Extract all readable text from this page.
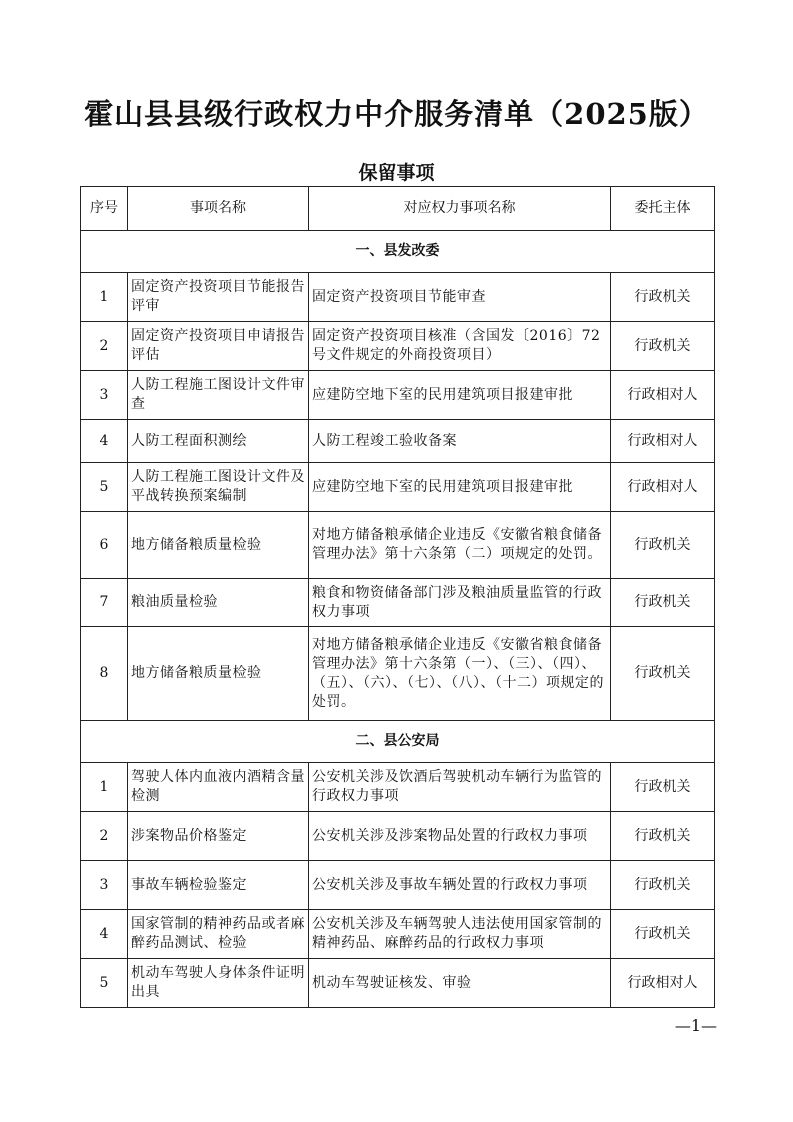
霍山县县级行政权力中介服务清单（2025版）
保留事项
序号	事项名称	对应权力事项名称	委托主体
一、县发改委			
1	固定资产投资项目节能报告评审	固定资产投资项目节能审查	行政机关
2	固定资产投资项目申请报告评估	固定资产投资项目核准（含国发〔2016〕72号文件规定的外商投资项目）	行政机关
3	人防工程施工图设计文件审查	应建防空地下室的民用建筑项目报建审批	行政相对人
4	人防工程面积测绘	人防工程竣工验收备案	行政相对人
5	人防工程施工图设计文件及平战转换预案编制	应建防空地下室的民用建筑项目报建审批	行政相对人
6	地方储备粮质量检验	对地方储备粮承储企业违反《安徽省粮食储备管理办法》第十六条第（二）项规定的处罚。	行政机关
7	粮油质量检验	粮食和物资储备部门涉及粮油质量监管的行政权力事项	行政机关
8	地方储备粮质量检验	对地方储备粮承储企业违反《安徽省粮食储备管理办法》第十六条第（一）、（三）、（四）、（五）、（六）、（七）、（八）、（十二）项规定的处罚。	行政机关
二、县公安局			
1	驾驶人体内血液内酒精含量检测	公安机关涉及饮酒后驾驶机动车辆行为监管的行政权力事项	行政机关
2	涉案物品价格鉴定	公安机关涉及涉案物品处置的行政权力事项	行政机关
3	事故车辆检验鉴定	公安机关涉及事故车辆处置的行政权力事项	行政机关
4	国家管制的精神药品或者麻醉药品测试、检验	公安机关涉及车辆驾驶人违法使用国家管制的精神药品、麻醉药品的行政权力事项	行政机关
5	机动车驾驶人身体条件证明出具	机动车驾驶证核发、审验	行政相对人
—1—
